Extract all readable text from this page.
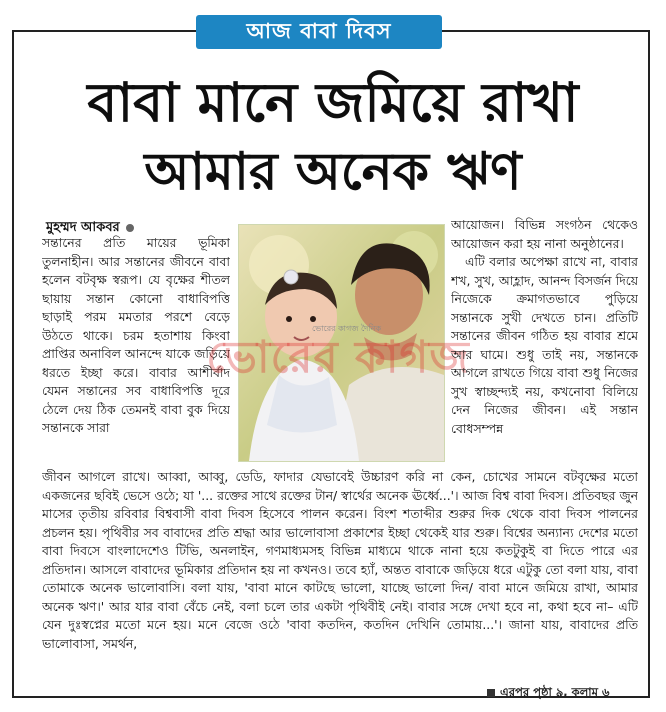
আজ বাবা দিবস
বাবা মানে জমিয়ে রাখা
আমার অনেক ঋণ
মুহম্মদ আকবর

সন্তানের প্রতি মায়ের ভূমিকা তুলনাহীন। আর সন্তানের জীবনে বাবা হলেন বটবৃক্ষ স্বরূপ। যে বৃক্ষের শীতল ছায়ায় সন্তান কোনো বাধাবিপত্তি ছাড়াই পরম মমতার পরশে বেড়ে উঠতে থাকে। চরম হতাশায় কিংবা প্রাপ্তির অনাবিল আনন্দে যাকে জড়িয়ে ধরতে ইচ্ছা করে। বাবার আশীর্বাদ যেমন সন্তানের সব বাধাবিপত্তি দূরে ঠেলে দেয় ঠিক তেমনই বাবা বুক দিয়ে সন্তানকে সারা

ভোরের কাগজ দৈনিক
ভোরের কাগজ

আয়োজন। বিভিন্ন সংগঠন থেকেও আয়োজন করা হয় নানা অনুষ্ঠানের।

এটি বলার অপেক্ষা রাখে না, বাবার শখ, সুখ, আহ্লাদ, আনন্দ বিসর্জন দিয়ে নিজেকে ক্রমাগতভাবে পুড়িয়ে সন্তানকে সুখী দেখতে চান। প্রতিটি সন্তানের জীবন গঠিত হয় বাবার শ্রমে আর ঘামে। শুধু তাই নয়, সন্তানকে আগলে রাখতে গিয়ে বাবা শুধু নিজের সুখ স্বাচ্ছন্দ্যই নয়, কখনোবা বিলিয়ে দেন নিজের জীবন। এই সন্তান বোধসম্পন্ন

জীবন আগলে রাখে। আব্বা, আব্বু, ডেডি, ফাদার যেভাবেই উচ্চারণ করি না কেন, চোখের সামনে বটবৃক্ষের মতো একজনের ছবিই ভেসে ওঠে; যা '... রক্তের সাথে রক্তের টান/ স্বার্থের অনেক ঊর্ধ্বে...'। আজ বিশ্ব বাবা দিবস। প্রতিবছর জুন মাসের তৃতীয় রবিবার বিশ্ববাসী বাবা দিবস হিসেবে পালন করেন। বিংশ শতাব্দীর শুরুর দিক থেকে বাবা দিবস পালনের প্রচলন হয়। পৃথিবীর সব বাবাদের প্রতি শ্রদ্ধা আর ভালোবাসা প্রকাশের ইচ্ছা থেকেই যার শুরু। বিশ্বের অন্যান্য দেশের মতো বাবা দিবসে বাংলাদেশেও টিভি, অনলাইন, গণমাধ্যমসহ বিভিন্ন মাধ্যমে থাকে নানা হয়ে কতটুকুই বা দিতে পারে এর প্রতিদান। আসলে বাবাদের ভূমিকার প্রতিদান হয় না কখনও। তবে হ্যাঁ, অন্তত বাবাকে জড়িয়ে ধরে এটুকু তো বলা যায়, বাবা তোমাকে অনেক ভালোবাসি। বলা যায়, 'বাবা মানে কাটছে ভালো, যাচ্ছে ভালো দিন/ বাবা মানে জমিয়ে রাখা, আমার অনেক ঋণ।' আর যার বাবা বেঁচে নেই, বলা চলে তার একটা পৃথিবীই নেই। বাবার সঙ্গে দেখা হবে না, কথা হবে না– এটি যেন দুঃস্বপ্নের মতো মনে হয়। মনে বেজে ওঠে 'বাবা কতদিন, কতদিন দেখিনি তোমায়...'। জানা যায়, বাবাদের প্রতি ভালোবাসা, সমর্থন,

এরপর পৃষ্ঠা ৯, কলাম ৬
